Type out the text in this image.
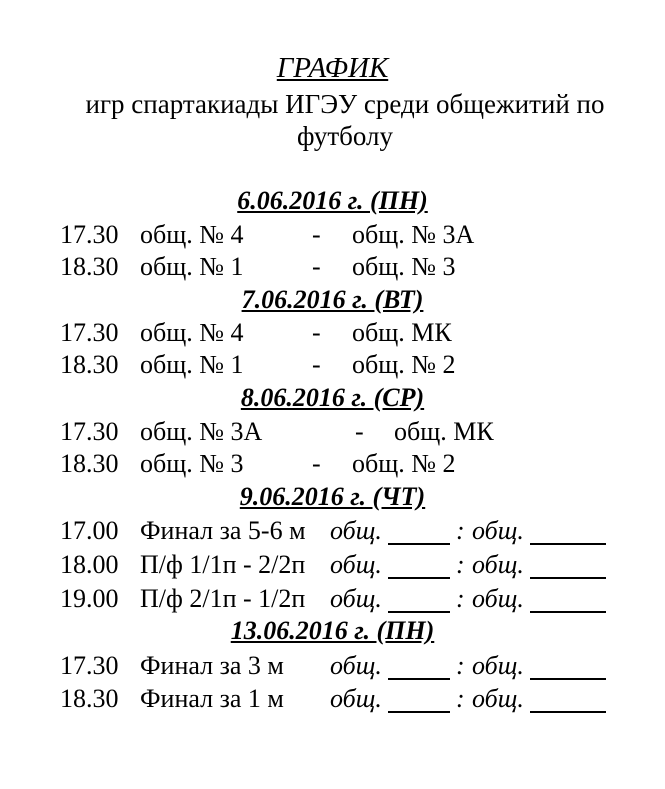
ГРАФИК
игр спартакиады ИГЭУ среди общежитий по футболу
6.06.2016 г. (ПН)
17.30 общ. № 4	- общ. № 3А
18.30 общ. № 1	- общ. № 3
7.06.2016 г. (ВТ)
17.30 общ. № 4	- общ. МК
18.30 общ. № 1	- общ. № 2
8.06.2016 г. (СР)
17.30 общ. № 3А	- общ. МК
18.30 общ. № 3	- общ. № 2
9.06.2016 г. (ЧТ)
17.00 Финал за 5-6 м общ.	: общ.
18.00 П/ф 1/1п - 2/2п общ.	: общ.
19.00 П/ф 2/1п - 1/2п общ.	: общ.
13.06.2016 г. (ПН)
17.30 Финал за 3 м общ.	: общ.
18.30 Финал за 1 м общ.	: общ.
